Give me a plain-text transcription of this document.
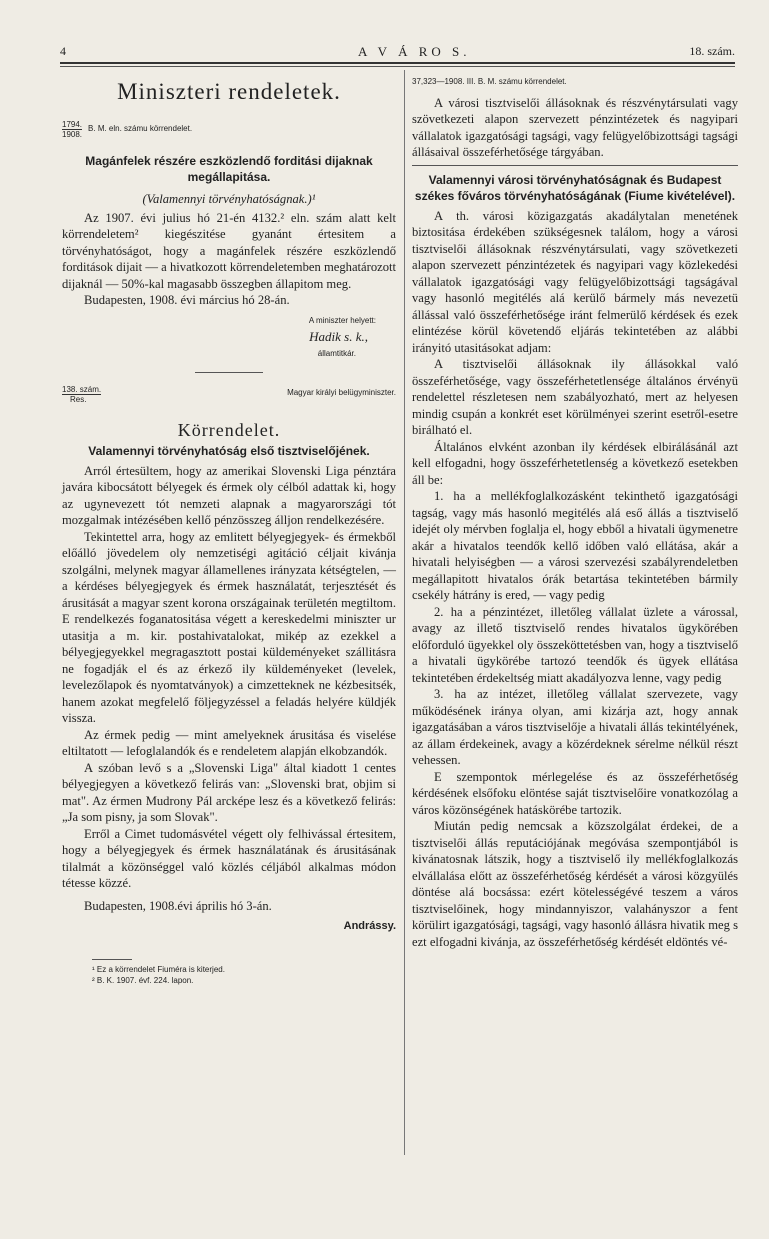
4	A V Á RO S.	18. szám.
Miniszteri rendeletek.
$\frac{1794.}{1908.} B$. M. eln. számu körrendelet.
Magánfelek részére eszközlendő forditási dijaknak megállapitása.
(Valamennyi törvényhatóságnak.)¹

Az 1907. évi julius hó 21-én 4132.² eln. szám alatt kelt körrendeletem² kiegészitése gyanánt értesitem a törvényhatóságot, hogy a magánfelek részére eszközlendő forditások dijait — a hivatkozott körrendeletemben meghatározott dijaknál — 50%-kal magasabb összegben állapitom meg.

Budapesten, 1908. évi március hó 28-án.

A miniszter helyett:
Hadik s. k.,
államtitkár.
$\frac{\text{138. szám.}}{\text{Res.}}$	Magyar királyi belügyminiszter.
Körrendelet.
Valamennyi törvényhatóság első tisztviselőjének.

Arról értesültem, hogy az amerikai Slovenski Liga pénztára javára kibocsátott bélyegek és érmek oly célból adattak ki, hogy az ugynevezett tót nemzeti alapnak a magyarországi tót mozgalmak intézésében kellő pénzösszeg álljon rendelkezésére.

Tekintettel arra, hogy az emlitett bélyegjegyek- és érmekből előálló jövedelem oly nemzetiségi agitáció céljait kivánja szolgálni, melynek magyar államellenes irányzata kétségtelen, — a kérdéses bélyegjegyek és érmek használatát, terjesztését és árusitását a magyar szent korona országainak területén megtiltom. E rendelkezés foganatositása végett a kereskedelmi miniszter ur utasitja a m. kir. postahivatalokat, mikép az ezekkel a bélyegjegyekkel megragasztott postai küldeményeket szállitásra ne fogadják el és az érkező ily küldeményeket (levelek, levelezőlapok és nyomtatványok) a cimzetteknek ne kézbesitsék, hanem azokat megfelelő följegyzéssel a feladás helyére küldjék vissza.

Az érmek pedig — mint amelyeknek árusitása és viselése eltiltatott — lefoglalandók és e rendeletem alapján elkobzandók.

A szóban levő s a „Slovenski Liga" által kiadott 1 centes bélyegjegyen a következő felirás van: „Slovenski brat, objim si mat". Az érmen Mudrony Pál arcképe lesz és a következő felirás: „Ja som pisny, ja som Slovak".

Erről a Cimet tudomásvétel végett oly felhivással értesitem, hogy a bélyegjegyek és érmek használatának és árusitásának tilalmát a közönséggel való közlés céljából alkalmas módon tétesse közzé.

Budapesten, 1908.évi április hó 3-án.

Andrássy.
¹ Ez a körrendelet Fiuméra is kiterjed.
² B. K. 1907. évf. 224. lapon.
37,323—1908. III. B. M. számu körrendelet.

A városi tisztviselői állásoknak és részvénytársulati vagy szövetkezeti alapon szervezett pénzintézetek és nagyipari vállalatok igazgatósági tagsági, vagy felügyelőbizottsági tagsági állásaival összeférhetősége tárgyában.

Valamennyi városi törvényhatóságnak és Budapest székes főváros törvényhatóságának (Fiume kivételével).

A th. városi közigazgatás akadálytalan menetének biztositása érdekében szükségesnek találom, hogy a városi tisztviselői állásoknak részvénytársulati, vagy szövetkezeti alapon szervezett pénzintézetek és nagyipari vagy közlekedési vállalatok igazgatósági vagy felügyelőbizottsági tagságával vagy hasonló megitélés alá kerülő bármely más nevezetü állással való összeférhetősége iránt felmerülő kérdések és ezek elintézése körül követendő eljárás tekintetében az alábbi irányitó utasitásokat adjam:

A tisztviselői állásoknak ily állásokkal való összeférhetősége, vagy összeférhetetlensége általános érvényü rendelettel részletesen nem szabályozható, mert az helyesen mindig csupán a konkrét eset körülményei szerint esetről-esetre birálható el.

Általános elvként azonban ily kérdések elbirálásánál azt kell elfogadni, hogy összeférhetetlenség a következő esetekben áll be:

1. ha a mellékfoglalkozásként tekinthető igazgatósági tagság, vagy más hasonló megitélés alá eső állás a tisztviselő idejét oly mérvben foglalja el, hogy ebből a hivatali ügymenetre akár a hivatalos teendők kellő időben való ellátása, akár a hivatali helyiségben — a városi szervezési szabályrendeletben megállapitott hivatalos órák betartása tekintetében bármily csekély hátrány is ered, — vagy pedig

2. ha a pénzintézet, illetőleg vállalat üzlete a várossal, avagy az illető tisztviselő rendes hivatalos ügykörében előforduló ügyekkel oly összeköttetésben van, hogy a tisztviselő a hivatali ügykörébe tartozó teendők és ügyek ellátása tekintetében érdekeltség miatt akadályozva lenne, vagy pedig

3. ha az intézet, illetőleg vállalat szervezete, vagy működésének iránya olyan, ami kizárja azt, hogy annak igazgatásában a város tisztviselője a hivatali állás tekintélyének, az állam érdekeinek, avagy a közérdeknek sérelme nélkül részt vehessen.

E szempontok mérlegelése és az összeférhetőség kérdésének elsőfoku elöntése saját tisztviselőire vonatkozólag a város közönségének hatáskörébe tartozik.

Miután pedig nemcsak a közszolgálat érdekei, de a tisztviselői állás reputációjának megóvása szempontjából is kivánatosnak látszik, hogy a tisztviselő ily mellékfoglalkozás elvállalása előtt az összeférhetőség kérdését a városi közgyülés döntése alá bocsássa: ezért kötelességévé teszem a város tisztviselőinek, hogy mindannyiszor, valahányszor a fent körülirt igazgatósági, tagsági, vagy hasonló állásra hivatik meg s ezt elfogadni kivánja, az összeférhetőség kérdését eldöntés vé-
